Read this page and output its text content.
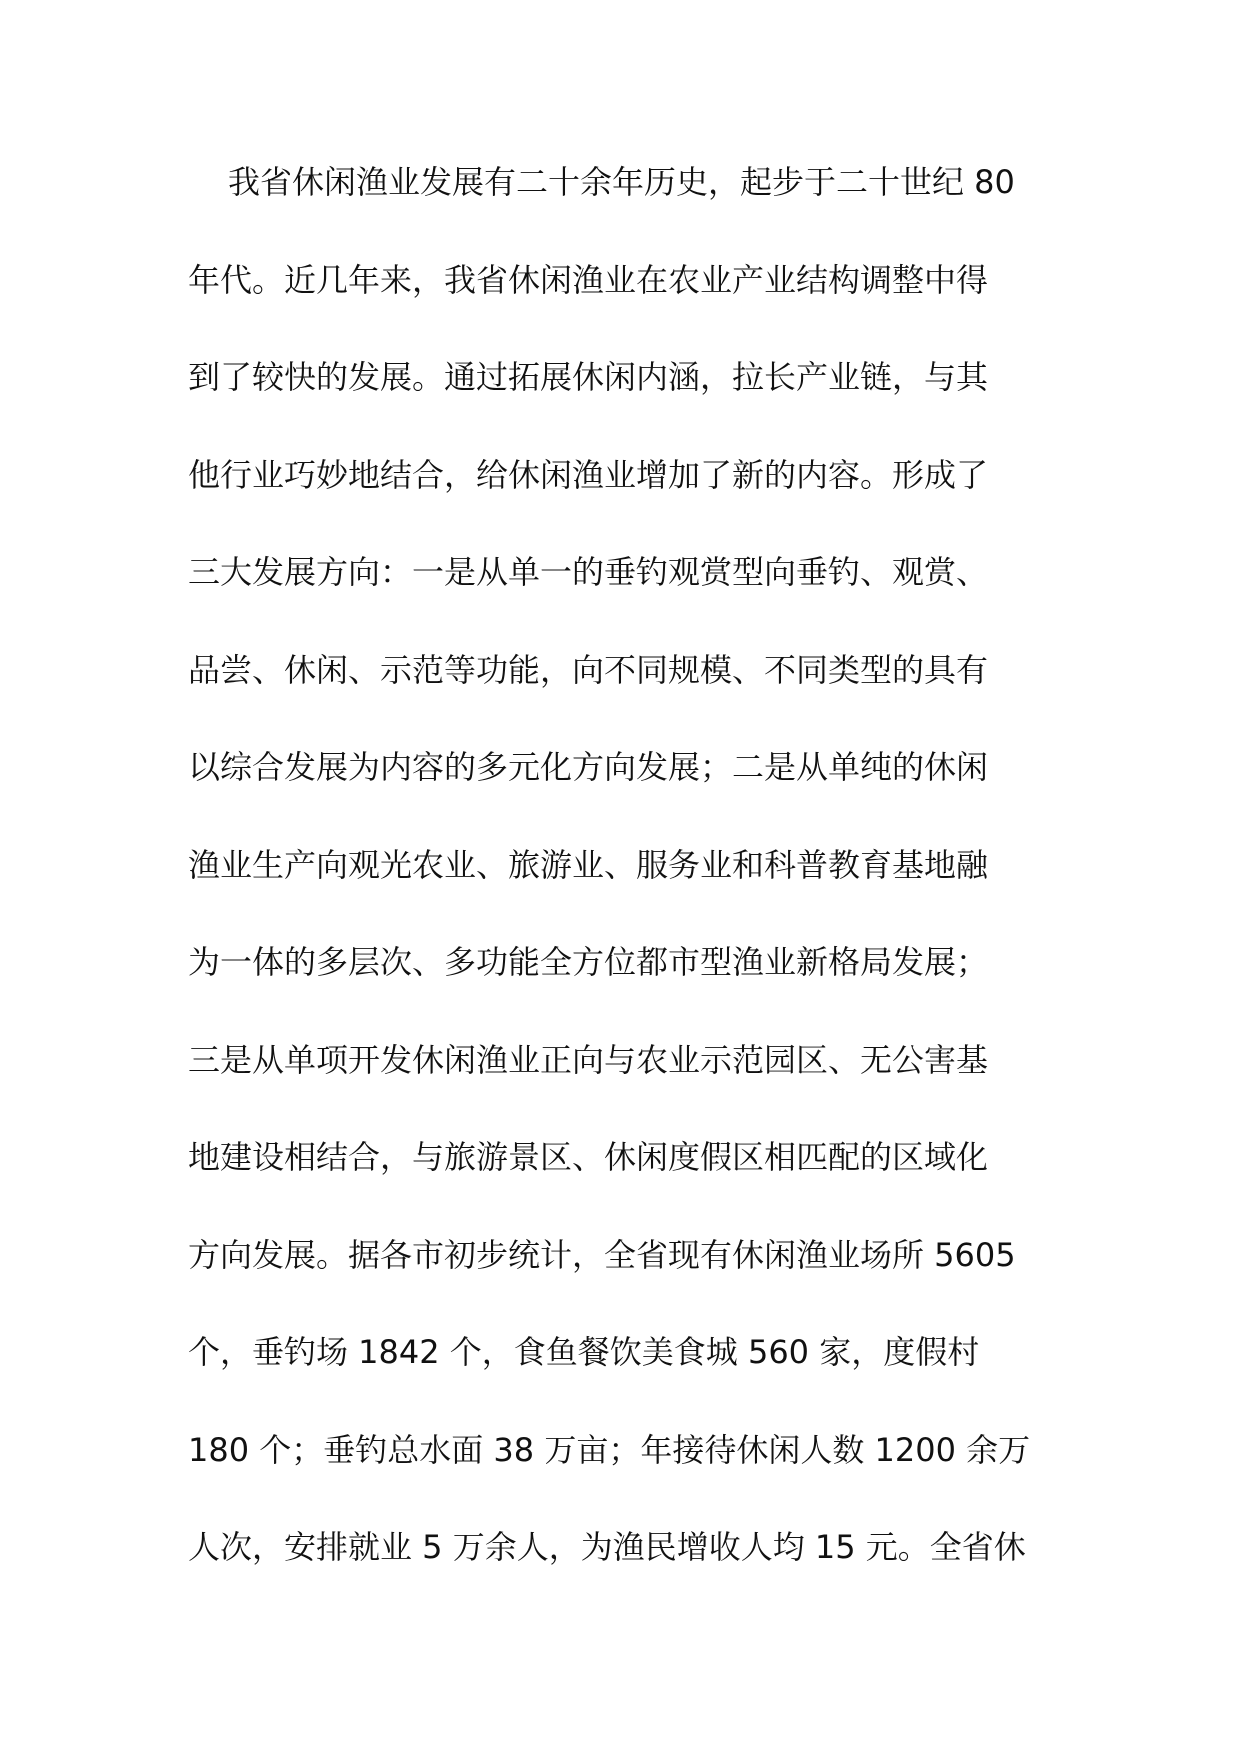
我省休闲渔业发展有二十余年历史，起步于二十世纪 80
年代。近几年来，我省休闲渔业在农业产业结构调整中得
到了较快的发展。通过拓展休闲内涵，拉长产业链，与其
他行业巧妙地结合，给休闲渔业增加了新的内容。形成了
三大发展方向：一是从单一的垂钓观赏型向垂钓、观赏、
品尝、休闲、示范等功能，向不同规模、不同类型的具有
以综合发展为内容的多元化方向发展；二是从单纯的休闲
渔业生产向观光农业、旅游业、服务业和科普教育基地融
为一体的多层次、多功能全方位都市型渔业新格局发展；
三是从单项开发休闲渔业正向与农业示范园区、无公害基
地建设相结合，与旅游景区、休闲度假区相匹配的区域化
方向发展。据各市初步统计，全省现有休闲渔业场所 5605
个，垂钓场 1842 个，食鱼餐饮美食城 560 家，度假村
180 个；垂钓总水面 38 万亩；年接待休闲人数 1200 余万
人次，安排就业 5 万余人，为渔民增收人均 15 元。全省休
